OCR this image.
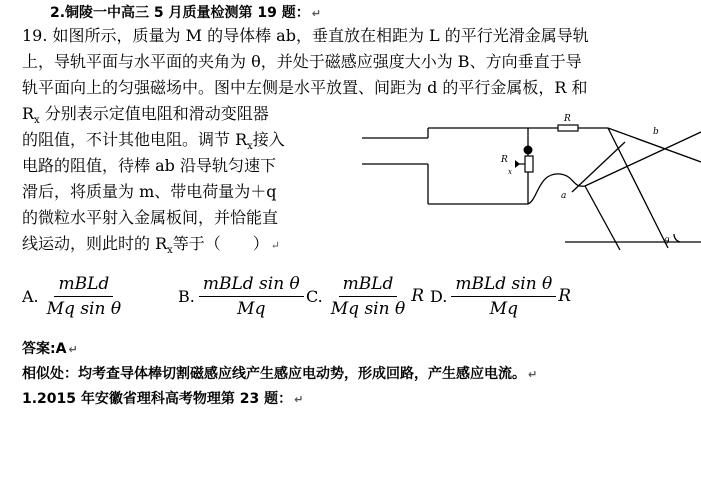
2.铜陵一中高三 5 月质量检测第 19 题： ↵
19. 如图所示，质量为 M 的导体棒 ab，垂直放在相距为 L 的平行光滑金属导轨
上，导轨平面与水平面的夹角为 θ，并处于磁感应强度大小为 B、方向垂直于导
轨平面向上的匀强磁场中。图中左侧是水平放置、间距为 d 的平行金属板，R 和
$R_x$ 分别表示定值电阻和滑动变阻器
的阻值，不计其他电阻。调节 $R_x$接入
电路的阻值，待棒 ab 沿导轨匀速下
滑后，将质量为 m、带电荷量为＋q
的微粒水平射入金属板间，并恰能直
线运动，则此时的 $R_x$等于（　　） ↵
R
b
R
x
a
θ
A. $\frac{\text{mBLd}}{\text{Mq sin θ}}$	B. $\frac{\text{mBLd sin θ}}{Mq} C$. $\frac{\text{mBLd}}{\text{Mq sin θ}}$ R D. $\frac{\text{mBLd sin θ}}{Mq}$ R
答案:A ↵
相似处：均考查导体棒切割磁感应线产生感应电动势，形成回路，产生感应电流。 ↵
1.2015 年安徽省理科高考物理第 23 题： ↵
